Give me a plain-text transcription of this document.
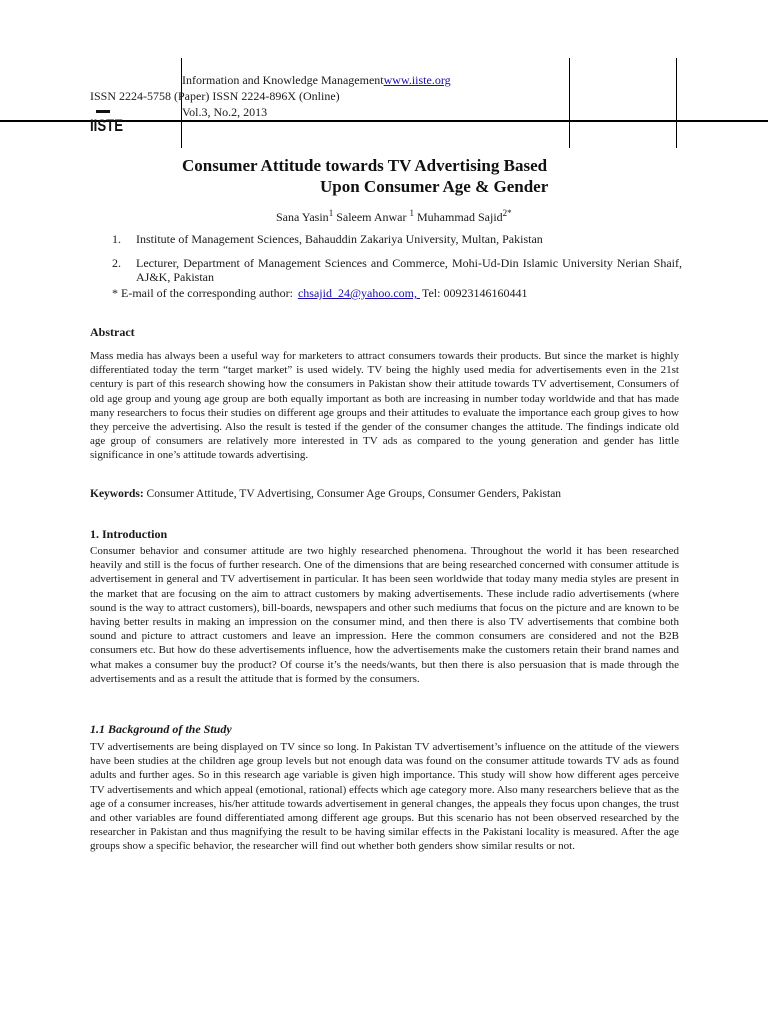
Information and Knowledge Managementwww.iiste.org
ISSN 2224-5758 (Paper) ISSN 2224-896X (Online)
Vol.3, No.2, 2013
IISTE
Consumer Attitude towards TV Advertising Based
Upon Consumer Age & Gender
Sana Yasin$^1$ Saleem Anwar $^1$ Muhammad Sajid$^{2*}$
1. Institute of Management Sciences, Bahauddin Zakariya University, Multan, Pakistan
2. Lecturer, Department of Management Sciences and Commerce, Mohi-Ud-Din Islamic University Nerian Shaif, AJ&K, Pakistan
* E-mail of the corresponding author: chsajid_24@yahoo.com, Tel: 00923146160441
Abstract
Mass media has always been a useful way for marketers to attract consumers towards their products. But since the market is highly differentiated today the term “target market” is used widely. TV being the highly used media for advertisements even in the 21st century is part of this research showing how the consumers in Pakistan show their attitude towards TV advertisement, Consumers of old age group and young age group are both equally important as both are increasing in number today worldwide and that has made many researchers to focus their studies on different age groups and their attitudes to evaluate the importance each group gives to how they perceive the advertising. Also the result is tested if the gender of the consumer changes the attitude. The findings indicate old age group of consumers are relatively more interested in TV ads as compared to the young generation and gender has little significance in one’s attitude towards advertising.
Keywords: Consumer Attitude, TV Advertising, Consumer Age Groups, Consumer Genders, Pakistan
1. Introduction
Consumer behavior and consumer attitude are two highly researched phenomena. Throughout the world it has been researched heavily and still is the focus of further research. One of the dimensions that are being researched concerned with consumer attitude is advertisement in general and TV advertisement in particular. It has been seen worldwide that today many media styles are present in the market that are focusing on the aim to attract customers by making advertisements. These include radio advertisements (where sound is the way to attract customers), bill-boards, newspapers and other such mediums that focus on the picture and are known to be having better results in making an impression on the consumer mind, and then there is also TV advertisements that combine both sound and picture to attract customers and leave an impression. Here the common consumers are considered and not the B2B consumers etc. But how do these advertisements influence, how the advertisements make the customers retain their brand names and what makes a consumer buy the product? Of course it’s the needs/wants, but then there is also persuasion that is made through the advertisements and as a result the attitude that is formed by the consumers.
1.1 Background of the Study
TV advertisements are being displayed on TV since so long. In Pakistan TV advertisement’s influence on the attitude of the viewers have been studies at the children age group levels but not enough data was found on the consumer attitude towards TV ads as found adults and further ages. So in this research age variable is given high importance. This study will show how different ages perceive TV advertisements and which appeal (emotional, rational) effects which age category more. Also many researchers believe that as the age of a consumer increases, his/her attitude towards advertisement in general changes, the appeals they focus upon changes, the trust and other variables are found differentiated among different age groups. But this scenario has not been observed researched by the researcher in Pakistan and thus magnifying the result to be having similar effects in the Pakistani locality is measured. After the age groups show a specific behavior, the researcher will find out whether both genders show similar results or not.
